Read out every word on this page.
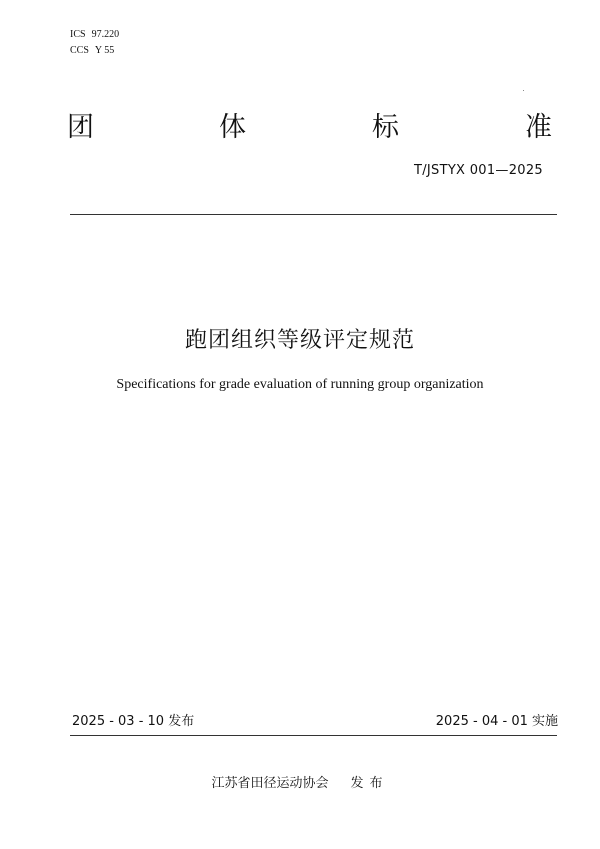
ICS 97.220
CCS Y 55
团	体	标	准
T/JSTYX 001—2025
跑团组织等级评定规范
Specifications for grade evaluation of running group organization
2025 - 03 - 10 发布	2025 - 04 - 01 实施
江苏省田径运动协会 发布
